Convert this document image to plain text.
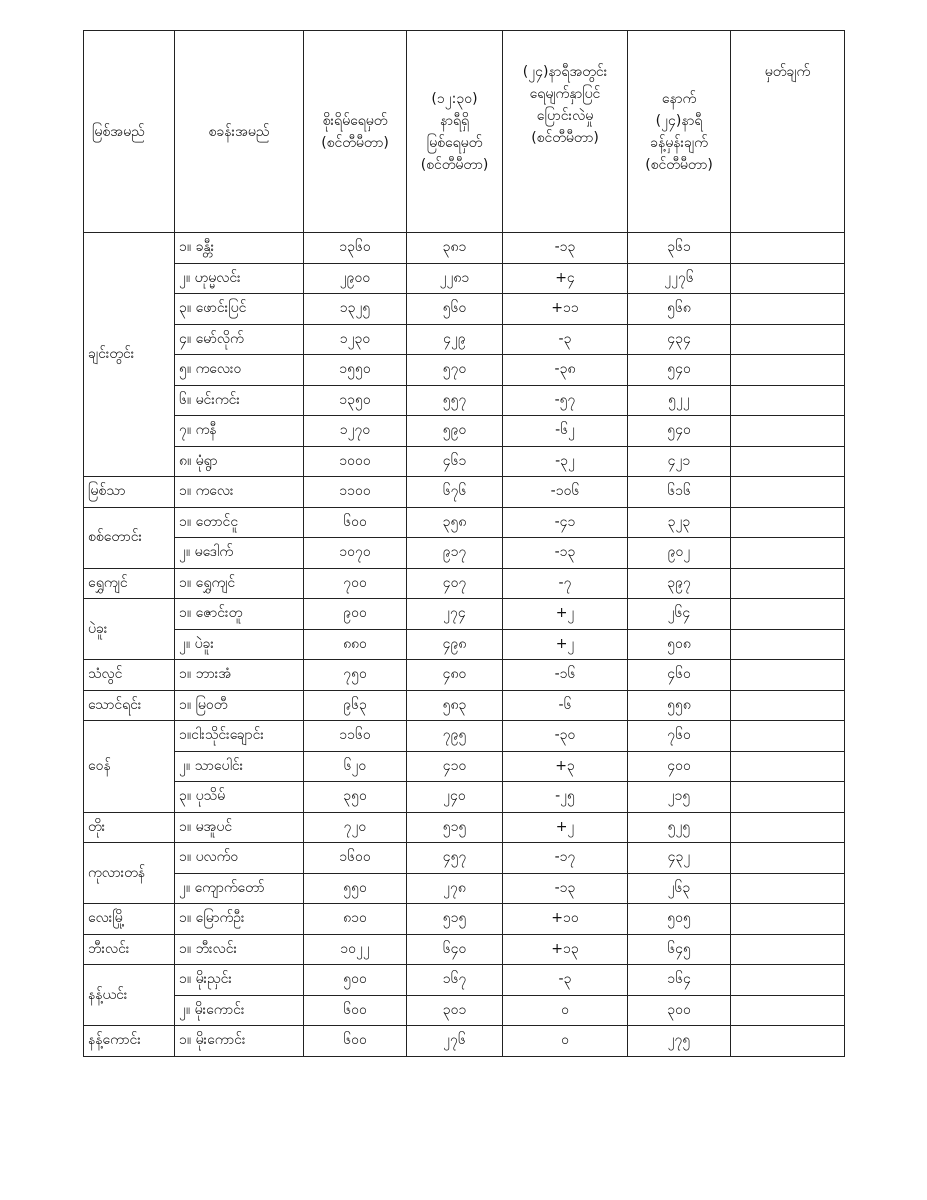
မြစ်အမည်	စခန်းအမည်	စိုးရိမ်ရေမှတ်
(စင်တီမီတာ)	(၁၂:၃၀)
နာရီရှိ
မြစ်ရေမှတ်
(စင်တီမီတာ)	(၂၄)နာရီအတွင်း
ရေမျက်နှာပြင်
ပြောင်းလဲမှု
(စင်တီမီတာ)	နောက်
(၂၄)နာရီ
ခန့်မှန်းချက်
(စင်တီမီတာ)	မှတ်ချက်
ချင်းတွင်း	၁။ ခန္တီး	၁၃၆၀	၃၈၁	-၁၃	၃၆၁	
	၂။ ဟုမ္မလင်း	၂၉၀၀	၂၂၈၁	+၄	၂၂၇၆	
	၃။ ဖောင်းပြင်	၁၃၂၅	၅၆၀	+၁၁	၅၆၈	
	၄။ မော်လိုက်	၁၂၃၀	၄၂၉	-၃	၄၃၄	
	၅။ ကလေးဝ	၁၅၅၀	၅၇၀	-၃၈	၅၄၀	
	၆။ မင်းကင်း	၁၃၅၀	၅၅၇	-၅၇	၅၂၂	
	၇။ ကနီ	၁၂၇၀	၅၉၀	-၆၂	၅၄၀	
	၈။ မုံရွာ	၁၀၀၀	၄၆၁	-၃၂	၄၂၁	
မြစ်သာ	၁။ ကလေး	၁၁၀၀	၆၇၆	-၁၀၆	၆၁၆	
စစ်တောင်း	၁။ တောင်ငူ	၆၀၀	၃၅၈	-၄၁	၃၂၃	
	၂။ မဒေါက်	၁၀၇၀	၉၁၇	-၁၃	၉၀၂	
ရွှေကျင်	၁။ ရွှေကျင်	၇၀၀	၄၀၇	-၇	၃၉၇	
ပဲခူး	၁။ ဇောင်းတူ	၉၀၀	၂၇၄	+၂	၂၆၄	
	၂။ ပဲခူး	၈၈၀	၄၉၈	+၂	၅၀၈	
သံလွင်	၁။ ဘားအံ	၇၅၀	၄၈၀	-၁၆	၄၆၀	
သောင်ရင်း	၁။ မြဝတီ	၉၆၃	၅၈၃	-၆	၅၅၈	
ဝေန်	၁။ငါးသိုင်းချောင်း	၁၁၆၀	၇၉၅	-၃၀	၇၆၀	
	၂။ သာပေါင်း	၆၂၀	၄၁၀	+၃	၄၀၀	
	၃။ ပုသိမ်	၃၅၀	၂၄၀	-၂၅	၂၁၅	
တိုး	၁။ မအူပင်	၇၂၀	၅၁၅	+၂	၅၂၅	
ကုလားတန်	၁။ ပလက်ဝ	၁၆၀၀	၄၅၇	-၁၇	၄၃၂	
	၂။ ကျောက်တော်	၅၅၀	၂၇၈	-၁၃	၂၆၃	
လေးမြို့	၁။ မြောက်ဦး	၈၁၀	၅၁၅	+၁၀	၅၀၅	
ဘီးလင်း	၁။ ဘီးလင်း	၁၀၂၂	၆၄၀	+၁၃	၆၄၅	
နန့်ယင်း	၁။ မိုးညှင်း	၅၀၀	၁၆၇	-၃	၁၆၄	
	၂။ မိုးကောင်း	၆၀၀	၃၀၁	၀	၃၀၀	
နန့်ကောင်း	၁။ မိုးကောင်း	၆၀၀	၂၇၆	၀	၂၇၅	
